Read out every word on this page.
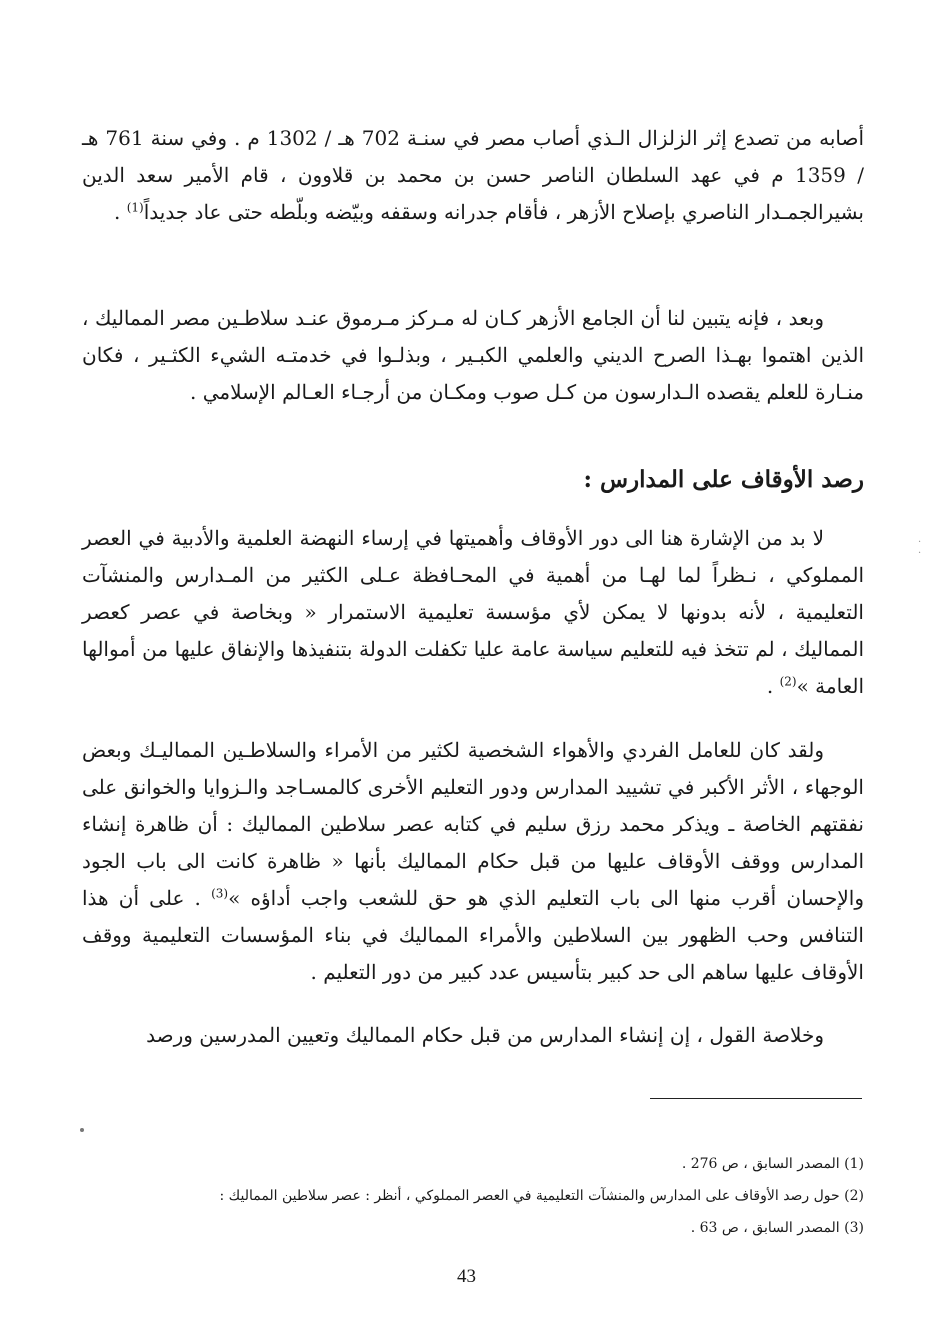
أصابه من تصدع إثر الزلزال الـذي أصاب مصر في سنـة 702 هـ / 1302 م . وفي سنة 761 هـ / 1359 م في عهد السلطان الناصر حسن بن محمد بن قلاوون ، قام الأمير سعد الدين بشيرالجمـدار الناصري بإصلاح الأزهر ، فأقام جدرانه وسقفه وبيّضه وبلّطه حتى عاد جديداً$^{(1)}$ .

وبعد ، فإنه يتبين لنا أن الجامع الأزهر كـان له مـركز مـرموق عنـد سلاطـين مصر المماليك ، الذين اهتموا بهـذا الصرح الديني والعلمي الكبـير ، وبذلـوا في خدمتـه الشيء الكثـير ، فكان منـارة للعلم يقصده الـدارسون من كـل صوب ومكـان من أرجـاء العـالم الإسلامي .

رصد الأوقاف على المدارس :

لا بد من الإشارة هنا الى دور الأوقاف وأهميتها في إرساء النهضة العلمية والأدبية في العصر المملوكي ، نـظراً لما لهـا من أهمية في المحـافظة عـلى الكثير من المـدارس والمنشآت التعليمية ، لأنه بدونها لا يمكن لأي مؤسسة تعليمية الاستمرار « وبخاصة في عصر كعصر المماليك ، لم تتخذ فيه للتعليم سياسة عامة عليا تكفلت الدولة بتنفيذها والإنفاق عليها من أموالها العامة »$^{(2)}$ .

ولقد كان للعامل الفردي والأهواء الشخصية لكثير من الأمراء والسلاطـين المماليـك وبعض الوجهاء ، الأثر الأكبر في تشييد المدارس ودور التعليم الأخرى كالمسـاجد والـزوايا والخوانق على نفقتهم الخاصة ـ ويذكر محمد رزق سليم في كتابه عصر سلاطين المماليك : أن ظاهرة إنشاء المدارس ووقف الأوقاف عليها من قبل حكام المماليك بأنها « ظاهرة كانت الى باب الجود والإحسان أقرب منها الى باب التعليم الذي هو حق للشعب واجب أداؤه »$^{(3)}$ . على أن هذا التنافس وحب الظهور بين السلاطين والأمراء المماليك في بناء المؤسسات التعليمية ووقف الأوقاف عليها ساهم الى حد كبير بتأسيس عدد كبير من دور التعليم .

وخلاصة القول ، إن إنشاء المدارس من قبل حكام المماليك وتعيين المدرسين ورصد

(1) المصدر السابق ، ص 276 .

(2) حول رصد الأوقاف على المدارس والمنشآت التعليمية في العصر المملوكي ، أنظر : عصر سلاطين المماليك :

(3) المصدر السابق ، ص 63 .

43
· ·
